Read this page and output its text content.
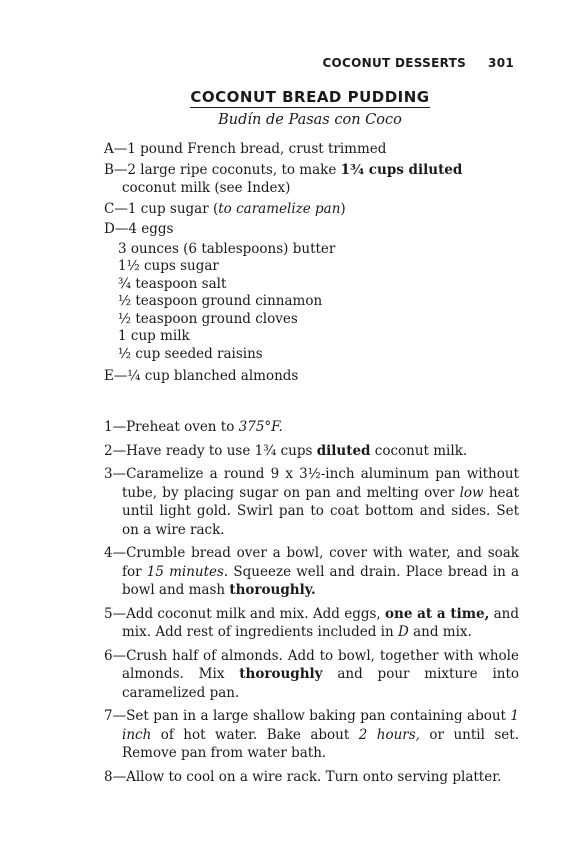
COCONUT DESSERTS 301
COCONUT BREAD PUDDING
Budín de Pasas con Coco
A—1 pound French bread, crust trimmed
B—2 large ripe coconuts, to make 1¾ cups diluted coconut milk (see Index)
C—1 cup sugar (to caramelize pan)
D—4 eggs
3 ounces (6 tablespoons) butter
1½ cups sugar
¾ teaspoon salt
½ teaspoon ground cinnamon
½ teaspoon ground cloves
1 cup milk
½ cup seeded raisins
E—¼ cup blanched almonds
1—Preheat oven to 375°F.
2—Have ready to use 1¾ cups diluted coconut milk.
3—Caramelize a round 9 x 3½-inch aluminum pan without tube, by placing sugar on pan and melting over low heat until light gold. Swirl pan to coat bottom and sides. Set on a wire rack.
4—Crumble bread over a bowl, cover with water, and soak for 15 minutes. Squeeze well and drain. Place bread in a bowl and mash thoroughly.
5—Add coconut milk and mix. Add eggs, one at a time, and mix. Add rest of ingredients included in D and mix.
6—Crush half of almonds. Add to bowl, together with whole almonds. Mix thoroughly and pour mixture into caramelized pan.
7—Set pan in a large shallow baking pan containing about 1 inch of hot water. Bake about 2 hours, or until set. Remove pan from water bath.
8—Allow to cool on a wire rack. Turn onto serving platter.
